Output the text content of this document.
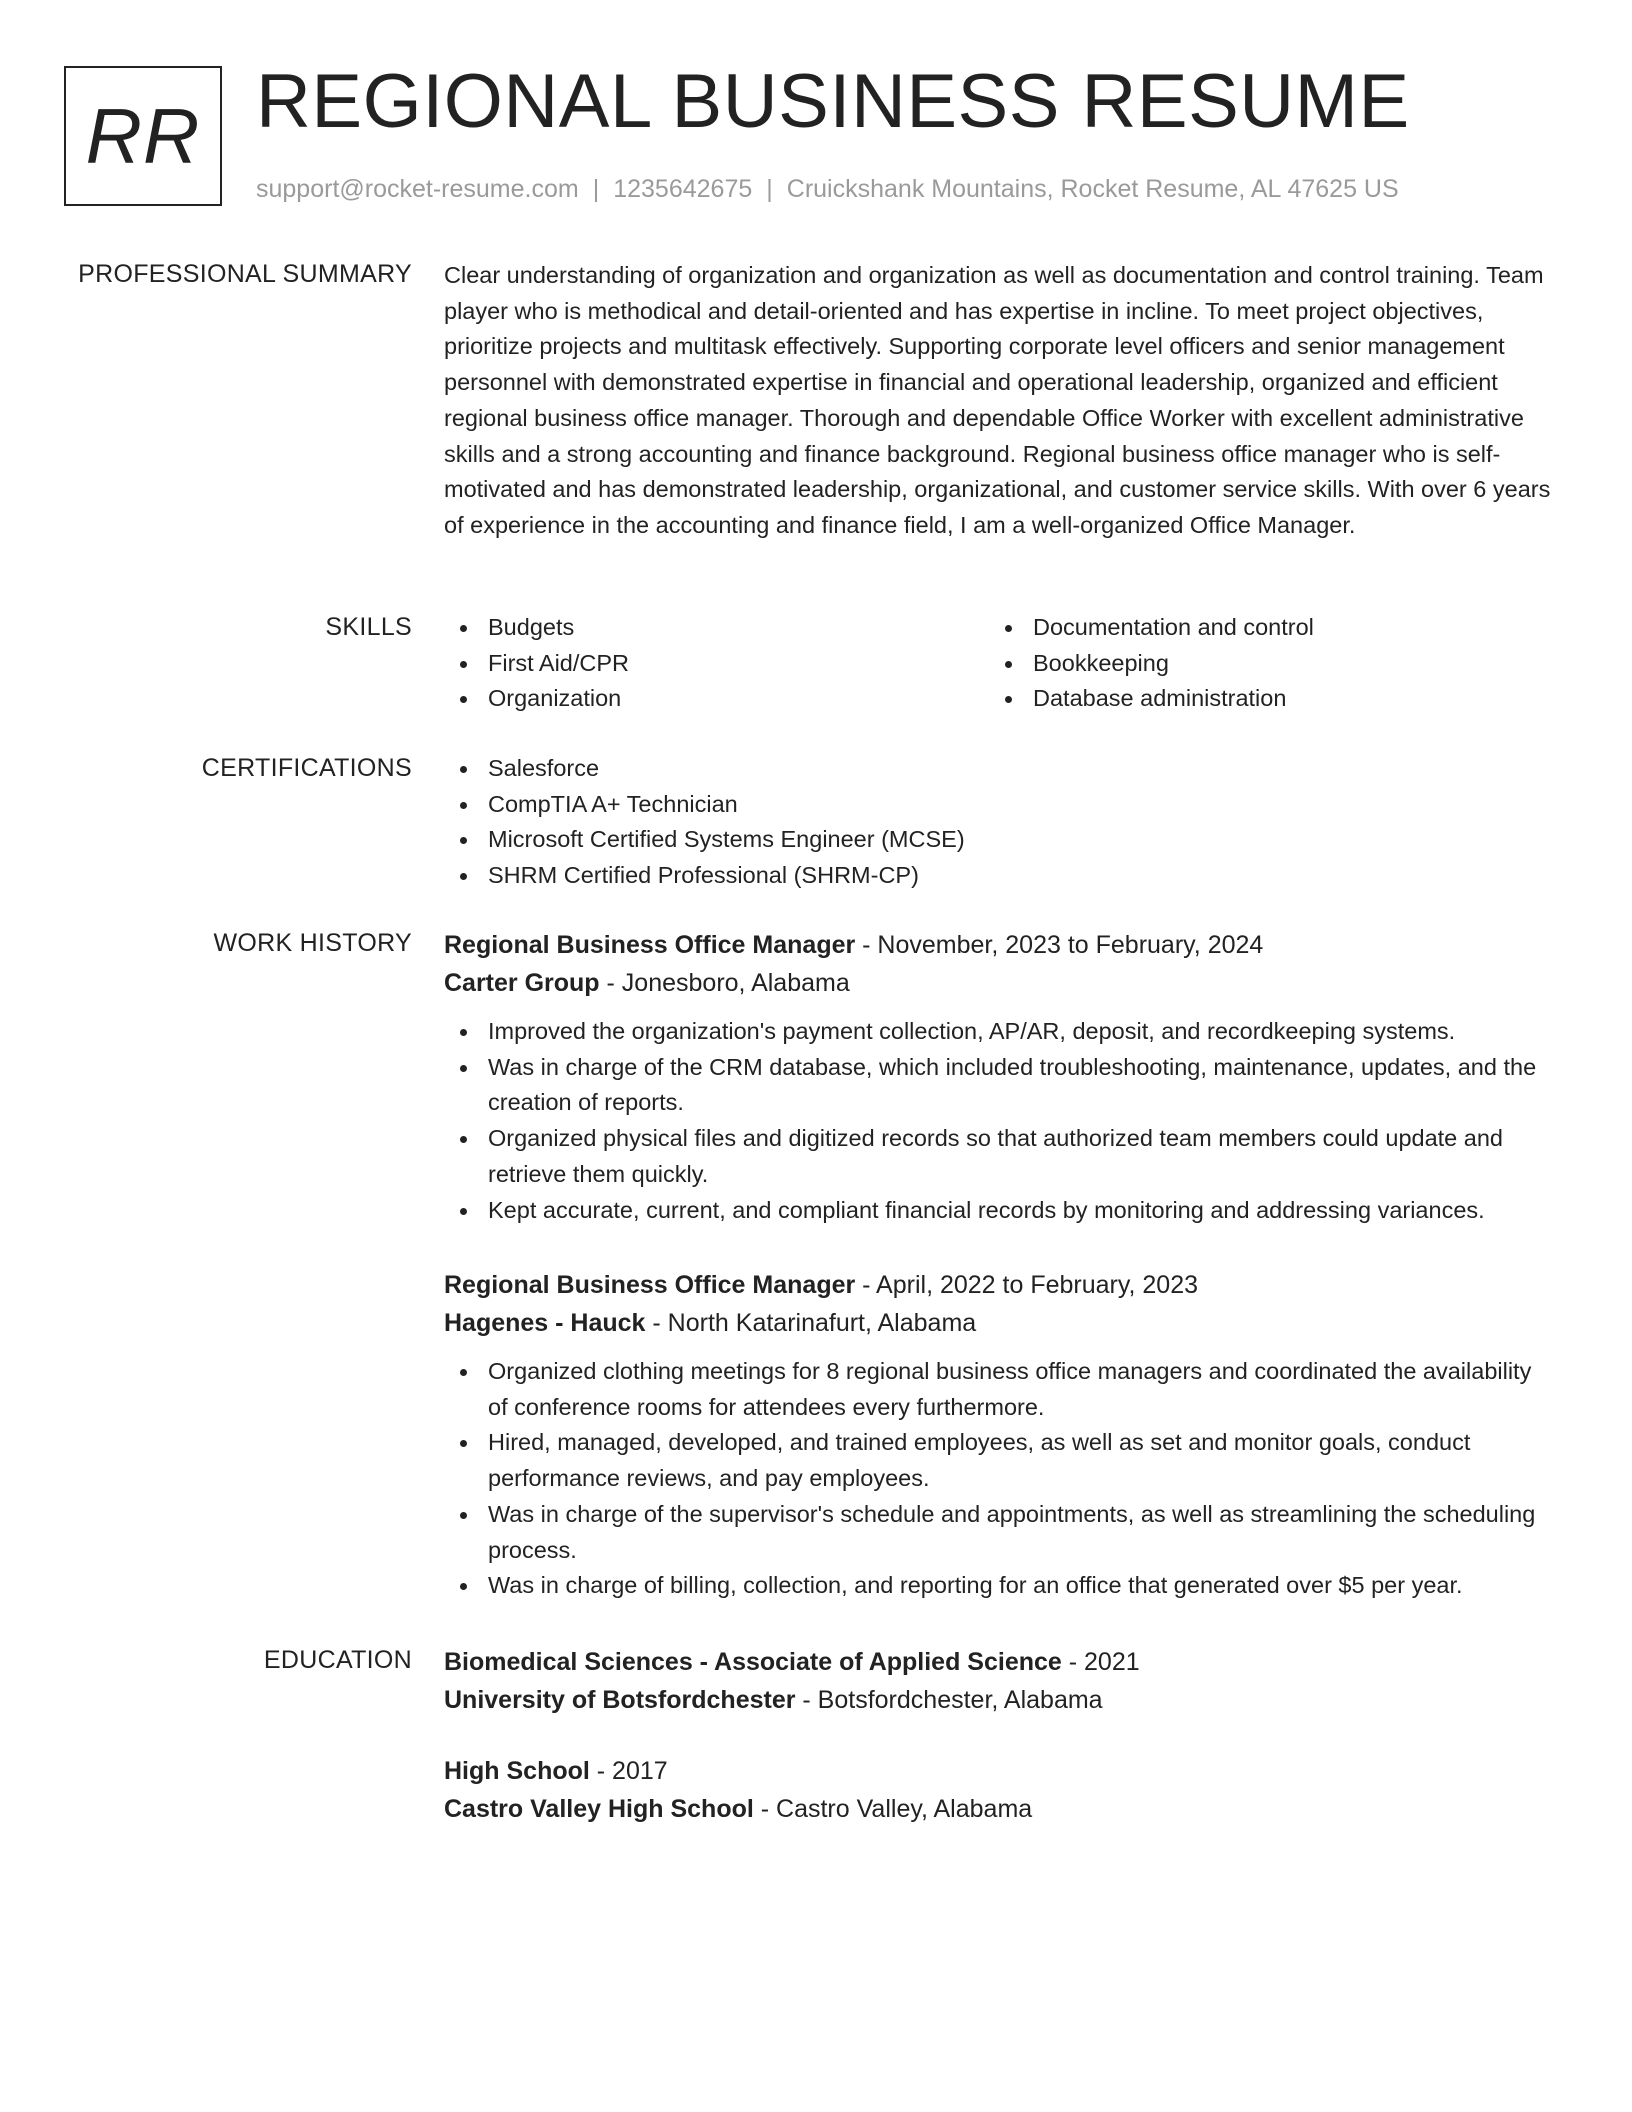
RR REGIONAL BUSINESS RESUME
support@rocket-resume.com | 1235642675 | Cruickshank Mountains, Rocket Resume, AL 47625 US
PROFESSIONAL SUMMARY Clear understanding of organization and organization as well as documentation and control training. Team player who is methodical and detail-oriented and has expertise in incline. To meet project objectives, prioritize projects and multitask effectively. Supporting corporate level officers and senior management personnel with demonstrated expertise in financial and operational leadership, organized and efficient regional business office manager. Thorough and dependable Office Worker with excellent administrative skills and a strong accounting and finance background. Regional business office manager who is self-motivated and has demonstrated leadership, organizational, and customer service skills. With over 6 years of experience in the accounting and finance field, I am a well-organized Office Manager.

SKILLS	Budgets
First Aid/CPR
Organization
Documentation and control
Bookkeeping
Database administration
CERTIFICATIONS	Salesforce
CompTIA A+ Technician
Microsoft Certified Systems Engineer (MCSE)
SHRM Certified Professional (SHRM-CP)
WORK HISTORY Regional Business Office Manager - November, 2023 to February, 2024
Carter Group - Jonesboro, Alabama
Improved the organization's payment collection, AP/AR, deposit, and recordkeeping systems.
Was in charge of the CRM database, which included troubleshooting, maintenance, updates, and the creation of reports.
Organized physical files and digitized records so that authorized team members could update and retrieve them quickly.
Kept accurate, current, and compliant financial records by monitoring and addressing variances.
Regional Business Office Manager - April, 2022 to February, 2023
Hagenes - Hauck - North Katarinafurt, Alabama
Organized clothing meetings for 8 regional business office managers and coordinated the availability of conference rooms for attendees every furthermore.
Hired, managed, developed, and trained employees, as well as set and monitor goals, conduct performance reviews, and pay employees.
Was in charge of the supervisor's schedule and appointments, as well as streamlining the scheduling process.
Was in charge of billing, collection, and reporting for an office that generated over $5 per year.
EDUCATION Biomedical Sciences - Associate of Applied Science - 2021
University of Botsfordchester - Botsfordchester, Alabama
High School - 2017
Castro Valley High School - Castro Valley, Alabama
